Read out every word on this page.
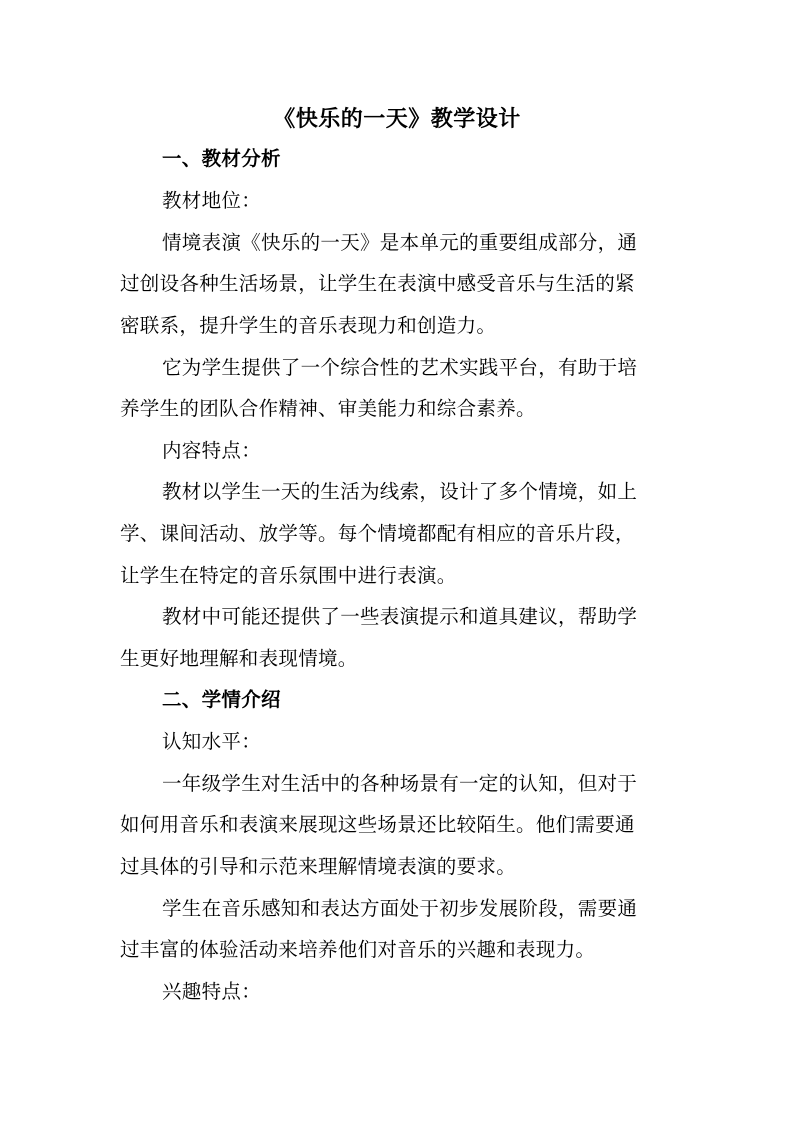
《快乐的一天》教学设计
一、教材分析
教材地位：
情境表演《快乐的一天》是本单元的重要组成部分，通
过创设各种生活场景，让学生在表演中感受音乐与生活的紧
密联系，提升学生的音乐表现力和创造力。
它为学生提供了一个综合性的艺术实践平台，有助于培
养学生的团队合作精神、审美能力和综合素养。
内容特点：
教材以学生一天的生活为线索，设计了多个情境，如上
学、课间活动、放学等。每个情境都配有相应的音乐片段，
让学生在特定的音乐氛围中进行表演。
教材中可能还提供了一些表演提示和道具建议，帮助学
生更好地理解和表现情境。
二、学情介绍
认知水平：
一年级学生对生活中的各种场景有一定的认知，但对于
如何用音乐和表演来展现这些场景还比较陌生。他们需要通
过具体的引导和示范来理解情境表演的要求。
学生在音乐感知和表达方面处于初步发展阶段，需要通
过丰富的体验活动来培养他们对音乐的兴趣和表现力。
兴趣特点：
